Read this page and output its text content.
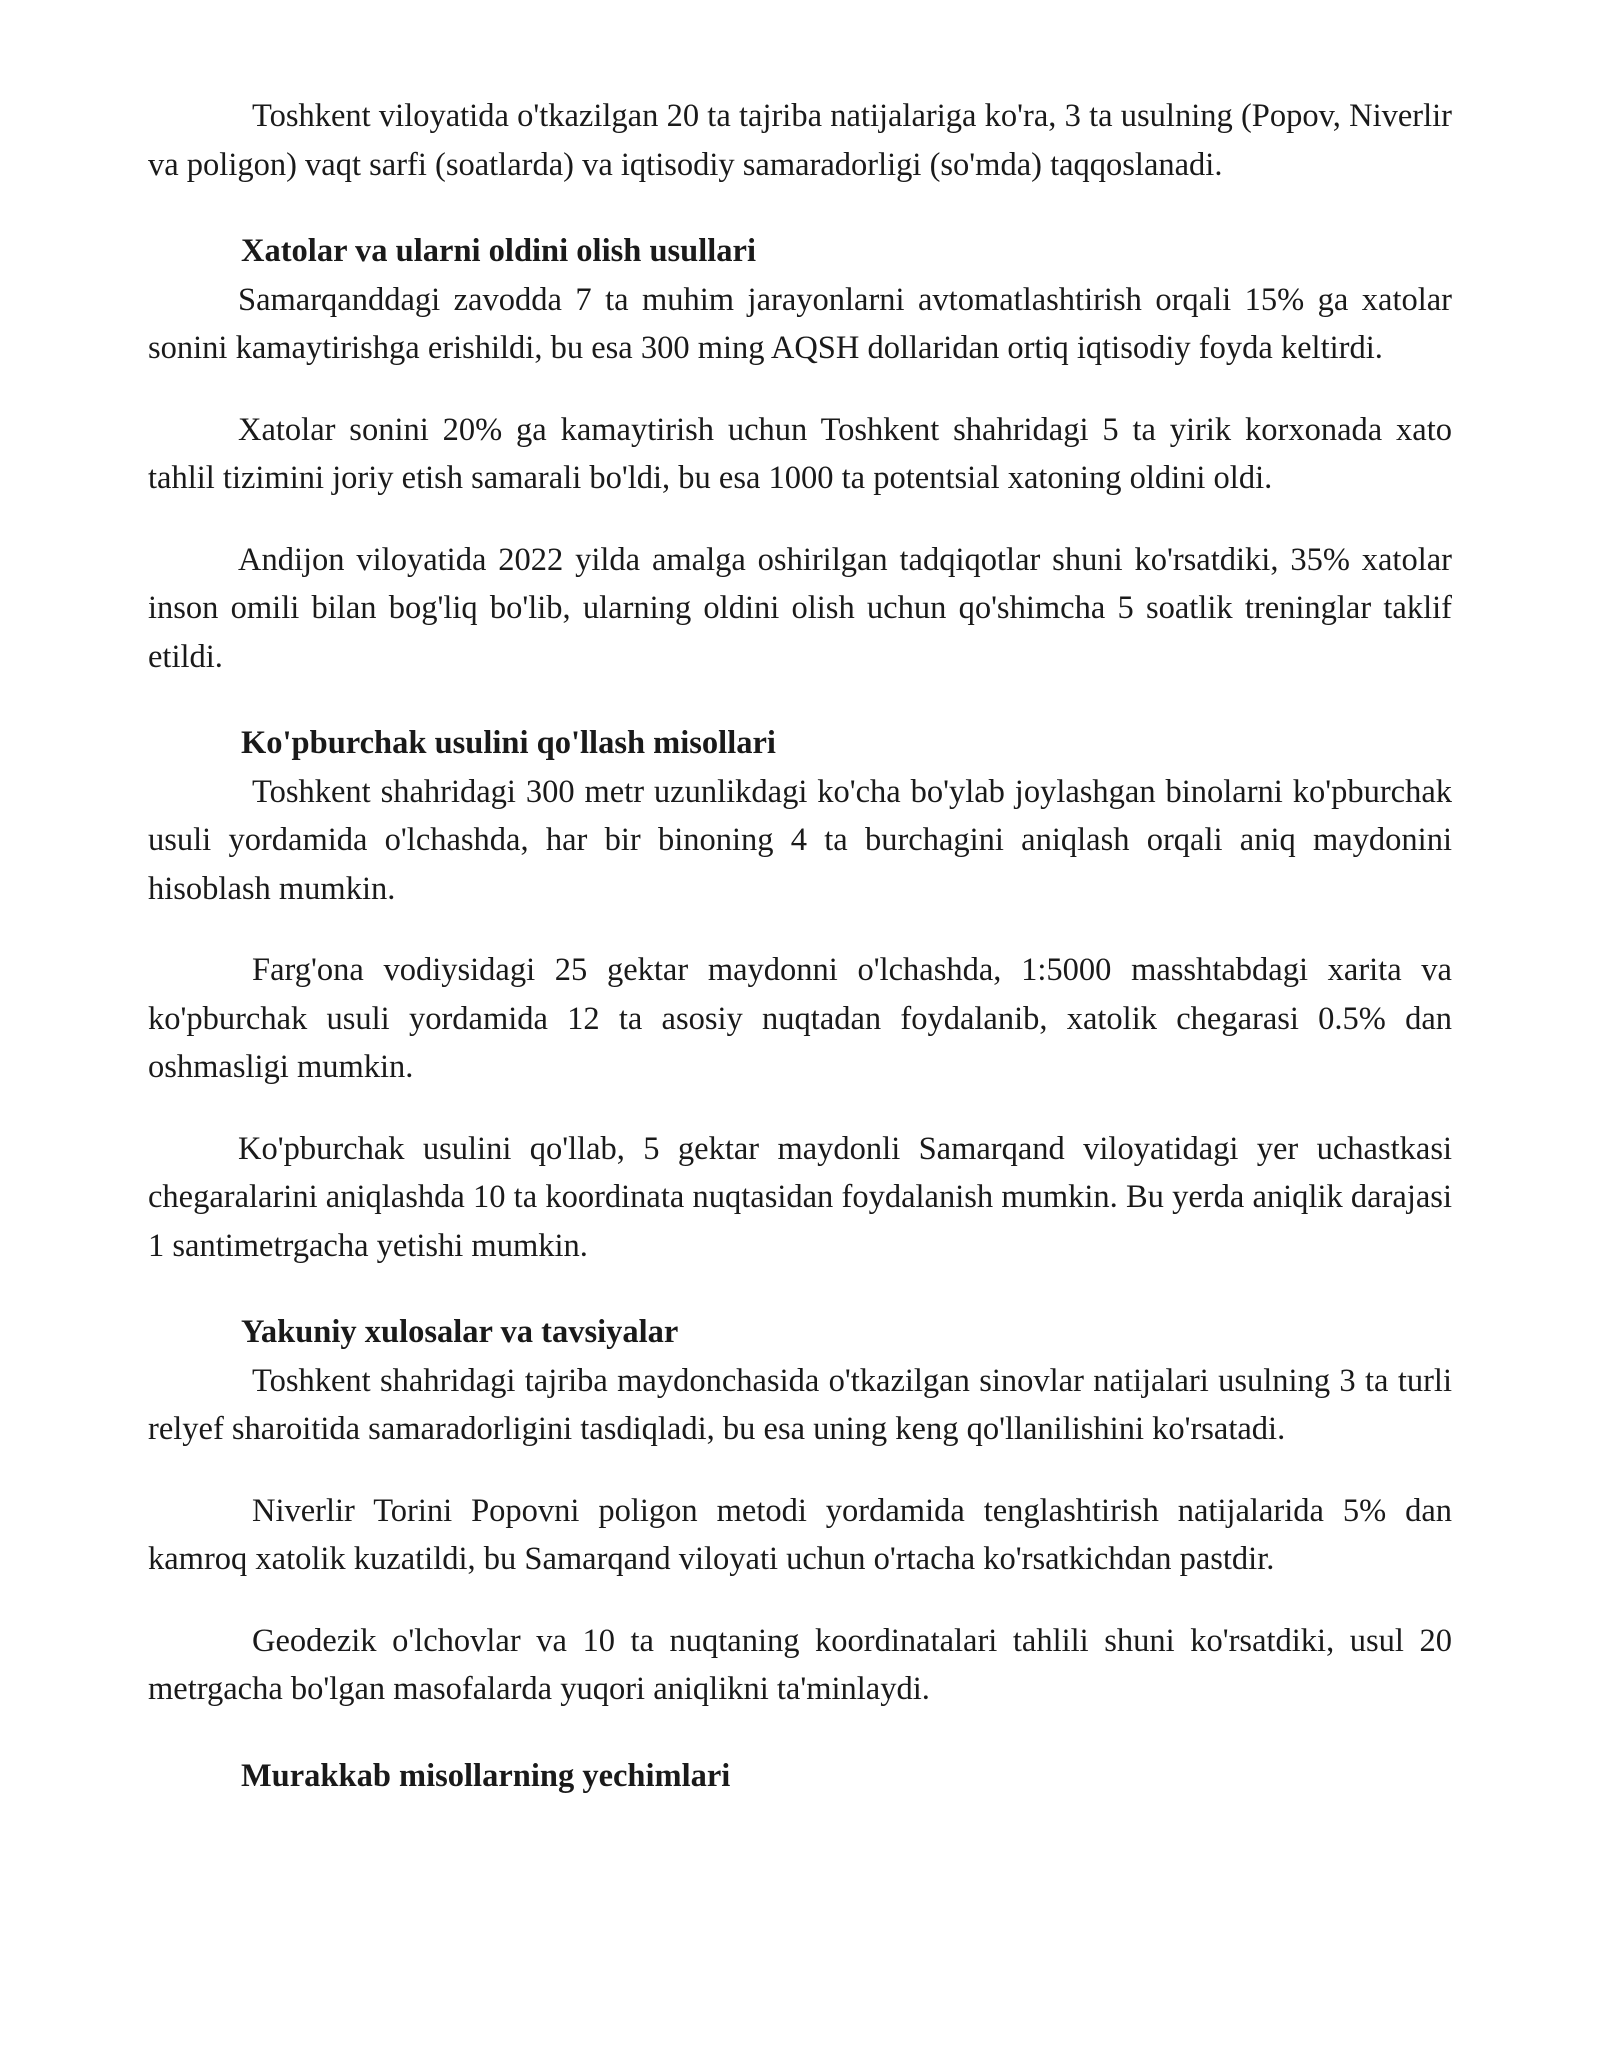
Toshkent viloyatida o'tkazilgan 20 ta tajriba natijalariga ko'ra, 3 ta usulning (Popov, Niverlir va poligon) vaqt sarfi (soatlarda) va iqtisodiy samaradorligi (so'mda) taqqoslanadi.

Xatolar va ularni oldini olish usullari

Samarqanddagi zavodda 7 ta muhim jarayonlarni avtomatlashtirish orqali 15% ga xatolar sonini kamaytirishga erishildi, bu esa 300 ming AQSH dollaridan ortiq iqtisodiy foyda keltirdi.

Xatolar sonini 20% ga kamaytirish uchun Toshkent shahridagi 5 ta yirik korxonada xato tahlil tizimini joriy etish samarali bo'ldi, bu esa 1000 ta potentsial xatoning oldini oldi.

Andijon viloyatida 2022 yilda amalga oshirilgan tadqiqotlar shuni ko'rsatdiki, 35% xatolar inson omili bilan bog'liq bo'lib, ularning oldini olish uchun qo'shimcha 5 soatlik treninglar taklif etildi.

Ko'pburchak usulini qo'llash misollari

Toshkent shahridagi 300 metr uzunlikdagi ko'cha bo'ylab joylashgan binolarni ko'pburchak usuli yordamida o'lchashda, har bir binoning 4 ta burchagini aniqlash orqali aniq maydonini hisoblash mumkin.

Farg'ona vodiysidagi 25 gektar maydonni o'lchashda, 1:5000 masshtabdagi xarita va ko'pburchak usuli yordamida 12 ta asosiy nuqtadan foydalanib, xatolik chegarasi 0.5% dan oshmasligi mumkin.

Ko'pburchak usulini qo'llab, 5 gektar maydonli Samarqand viloyatidagi yer uchastkasi chegaralarini aniqlashda 10 ta koordinata nuqtasidan foydalanish mumkin. Bu yerda aniqlik darajasi 1 santimetrgacha yetishi mumkin.

Yakuniy xulosalar va tavsiyalar

Toshkent shahridagi tajriba maydonchasida o'tkazilgan sinovlar natijalari usulning 3 ta turli relyef sharoitida samaradorligini tasdiqladi, bu esa uning keng qo'llanilishini ko'rsatadi.

Niverlir Torini Popovni poligon metodi yordamida tenglashtirish natijalarida 5% dan kamroq xatolik kuzatildi, bu Samarqand viloyati uchun o'rtacha ko'rsatkichdan pastdir.

Geodezik o'lchovlar va 10 ta nuqtaning koordinatalari tahlili shuni ko'rsatdiki, usul 20 metrgacha bo'lgan masofalarda yuqori aniqlikni ta'minlaydi.

Murakkab misollarning yechimlari
